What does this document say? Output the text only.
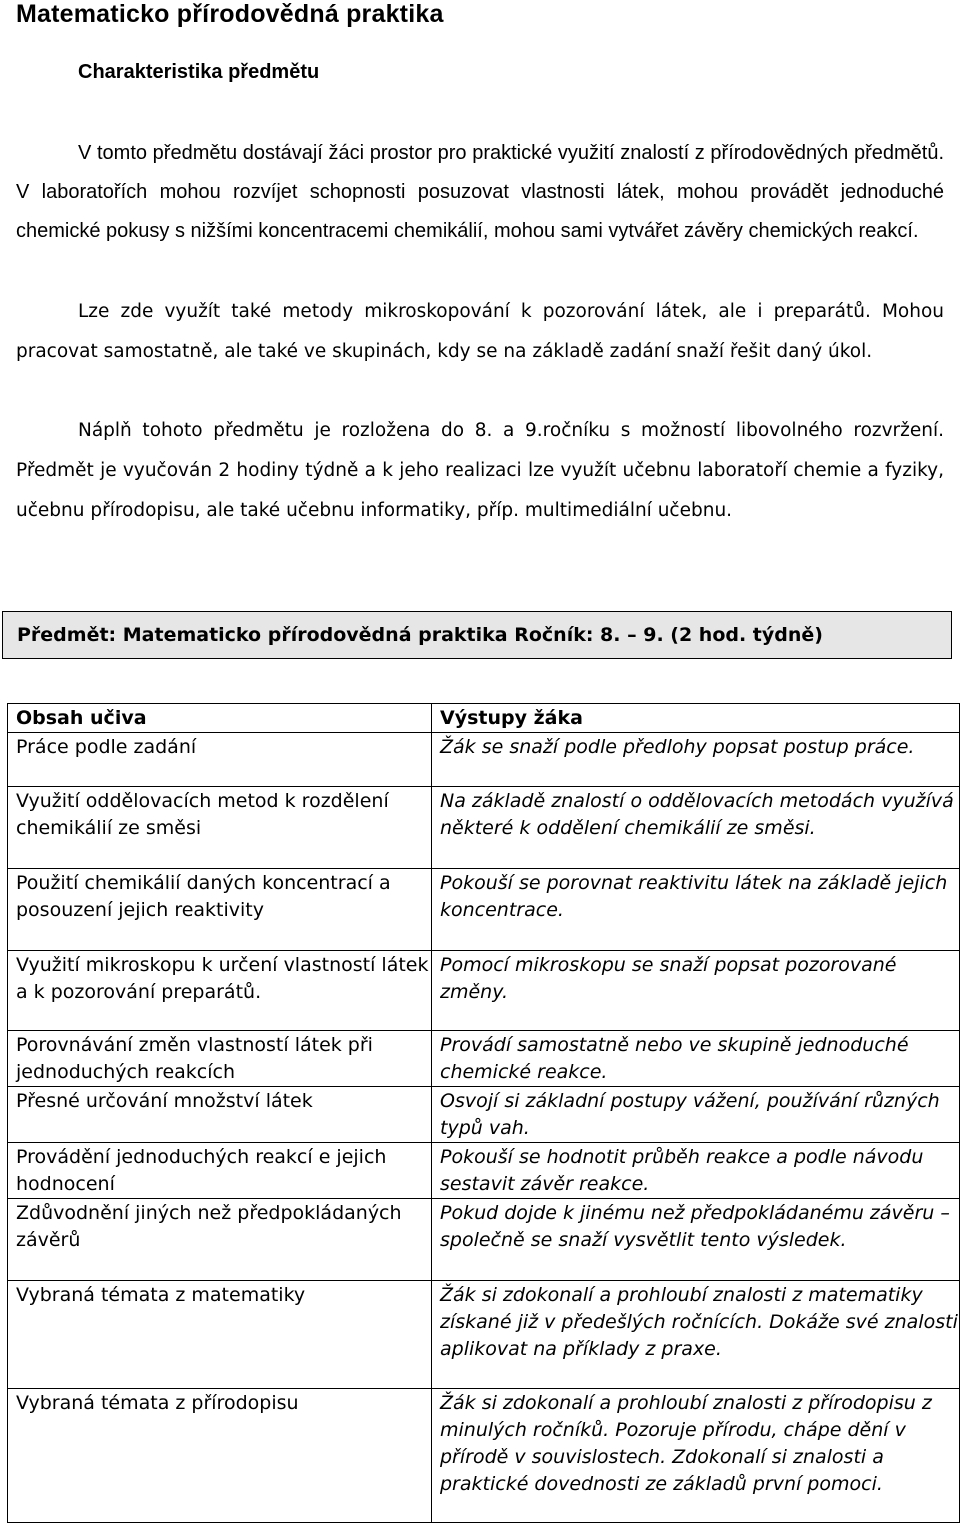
Matematicko přírodovědná praktika
Charakteristika předmětu

V tomto předmětu dostávají žáci prostor pro praktické využití znalostí z přírodovědných předmětů. V laboratořích mohou rozvíjet schopnosti posuzovat vlastnosti látek, mohou provádět jednoduché chemické pokusy s nižšími koncentracemi chemikálií, mohou sami vytvářet závěry chemických reakcí.

Lze zde využít také metody mikroskopování k pozorování látek, ale i preparátů. Mohou pracovat samostatně, ale také ve skupinách, kdy se na základě zadání snaží řešit daný úkol.

Náplň tohoto předmětu je rozložena do 8. a 9.ročníku s možností libovolného rozvržení. Předmět je vyučován 2 hodiny týdně a k jeho realizaci lze využít učebnu laboratoří chemie a fyziky, učebnu přírodopisu, ale také učebnu informatiky, příp. multimediální učebnu.

Předmět: Matematicko přírodovědná praktika Ročník: 8. – 9. (2 hod. týdně)
Obsah učiva	Výstupy žáka
Práce podle zadání	Žák se snaží podle předlohy popsat postup práce.
Využití oddělovacích metod k rozdělení chemikálií ze směsi	Na základě znalostí o oddělovacích metodách využívá některé k oddělení chemikálií ze směsi.
Použití chemikálií daných koncentrací a posouzení jejich reaktivity	Pokouší se porovnat reaktivitu látek na základě jejich koncentrace.
Využití mikroskopu k určení vlastností látek a k pozorování preparátů.	Pomocí mikroskopu se snaží popsat pozorované změny.
Porovnávání změn vlastností látek při jednoduchých reakcích	Provádí samostatně nebo ve skupině jednoduché chemické reakce.
Přesné určování množství látek	Osvojí si základní postupy vážení, používání různých typů vah.
Provádění jednoduchých reakcí e jejich hodnocení	Pokouší se hodnotit průběh reakce a podle návodu sestavit závěr reakce.
Zdůvodnění jiných než předpokládaných závěrů	Pokud dojde k jinému než předpokládanému závěru – společně se snaží vysvětlit tento výsledek.
Vybraná témata z matematiky	Žák si zdokonalí a prohloubí znalosti z matematiky získané již v předešlých ročnících. Dokáže své znalosti aplikovat na příklady z praxe.
Vybraná témata z přírodopisu	Žák si zdokonalí a prohloubí znalosti z přírodopisu z minulých ročníků. Pozoruje přírodu, chápe dění v přírodě v souvislostech. Zdokonalí si znalosti a praktické dovednosti ze základů první pomoci.
